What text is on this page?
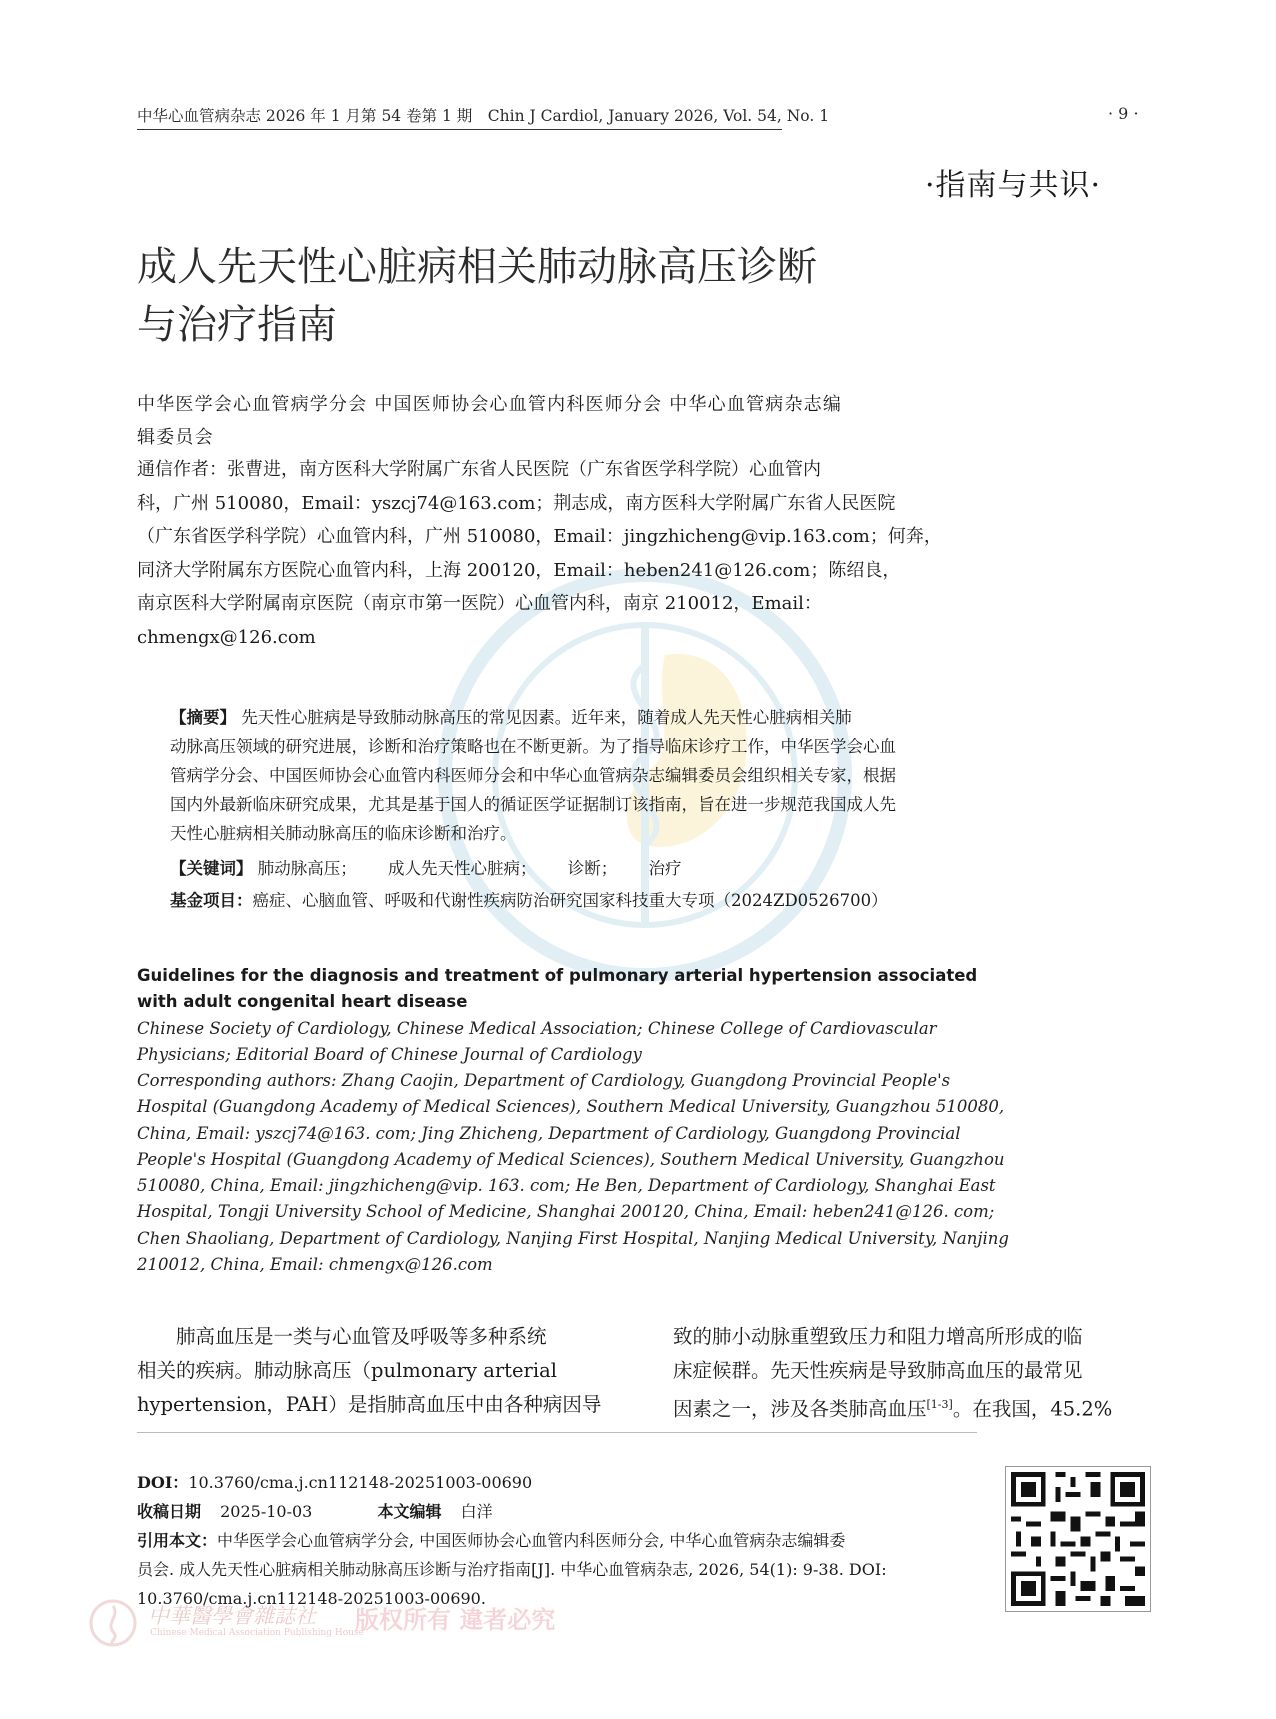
中华心血管病杂志 2026 年 1 月第 54 卷第 1 期　Chin J Cardiol, January 2026, Vol. 54, No. 1	· 9 ·
·指南与共识·
成人先天性心脏病相关肺动脉高压诊断
与治疗指南
中华医学会心血管病学分会 中国医师协会心血管内科医师分会 中华心血管病杂志编
辑委员会
通信作者：张曹进，南方医科大学附属广东省人民医院（广东省医学科学院）心血管内
科，广州 510080，Email：yszcj74@163.com；荆志成，南方医科大学附属广东省人民医院
（广东省医学科学院）心血管内科，广州 510080，Email：jingzhicheng@vip.163.com；何奔，
同济大学附属东方医院心血管内科，上海 200120，Email：heben241@126.com；陈绍良，
南京医科大学附属南京医院（南京市第一医院）心血管内科，南京 210012，Email：
chmengx@126.com
【摘要】 先天性心脏病是导致肺动脉高压的常见因素。近年来，随着成人先天性心脏病相关肺
动脉高压领域的研究进展，诊断和治疗策略也在不断更新。为了指导临床诊疗工作，中华医学会心血
管病学分会、中国医师协会心血管内科医师分会和中华心血管病杂志编辑委员会组织相关专家，根据
国内外最新临床研究成果，尤其是基于国人的循证医学证据制订该指南，旨在进一步规范我国成人先
天性心脏病相关肺动脉高压的临床诊断和治疗。
【关键词】 肺动脉高压； 成人先天性心脏病； 诊断； 治疗
基金项目：癌症、心脑血管、呼吸和代谢性疾病防治研究国家科技重大专项（2024ZD0526700）
Guidelines for the diagnosis and treatment of pulmonary arterial hypertension associated
with adult congenital heart disease
Chinese Society of Cardiology, Chinese Medical Association; Chinese College of Cardiovascular
Physicians; Editorial Board of Chinese Journal of Cardiology
Corresponding authors: Zhang Caojin, Department of Cardiology, Guangdong Provincial People's
Hospital (Guangdong Academy of Medical Sciences), Southern Medical University, Guangzhou 510080,
China, Email: yszcj74@163. com; Jing Zhicheng, Department of Cardiology, Guangdong Provincial
People's Hospital (Guangdong Academy of Medical Sciences), Southern Medical University, Guangzhou
510080, China, Email: jingzhicheng@vip. 163. com; He Ben, Department of Cardiology, Shanghai East
Hospital, Tongji University School of Medicine, Shanghai 200120, China, Email: heben241@126. com;
Chen Shaoliang, Department of Cardiology, Nanjing First Hospital, Nanjing Medical University, Nanjing
210012, China, Email: chmengx@126.com
　　肺高血压是一类与心血管及呼吸等多种系统
相关的疾病。肺动脉高压（pulmonary arterial
hypertension，PAH）是指肺高血压中由各种病因导
致的肺小动脉重塑致压力和阻力增高所形成的临
床症候群。先天性疾病是导致肺高血压的最常见
因素之一，涉及各类肺高血压[1-3]。在我国，45.2%
DOI：10.3760/cma.j.cn112148-20251003-00690
收稿日期 2025-10-03	本文编辑 白洋
引用本文：中华医学会心血管病学分会, 中国医师协会心血管内科医师分会, 中华心血管病杂志编辑委
员会. 成人先天性心脏病相关肺动脉高压诊断与治疗指南[J]. 中华心血管病杂志, 2026, 54(1): 9-38. DOI:
10.3760/cma.j.cn112148-20251003-00690.
中華醫學會雜誌社
Chinese Medical Association Publishing House
版权所有 違者必究
